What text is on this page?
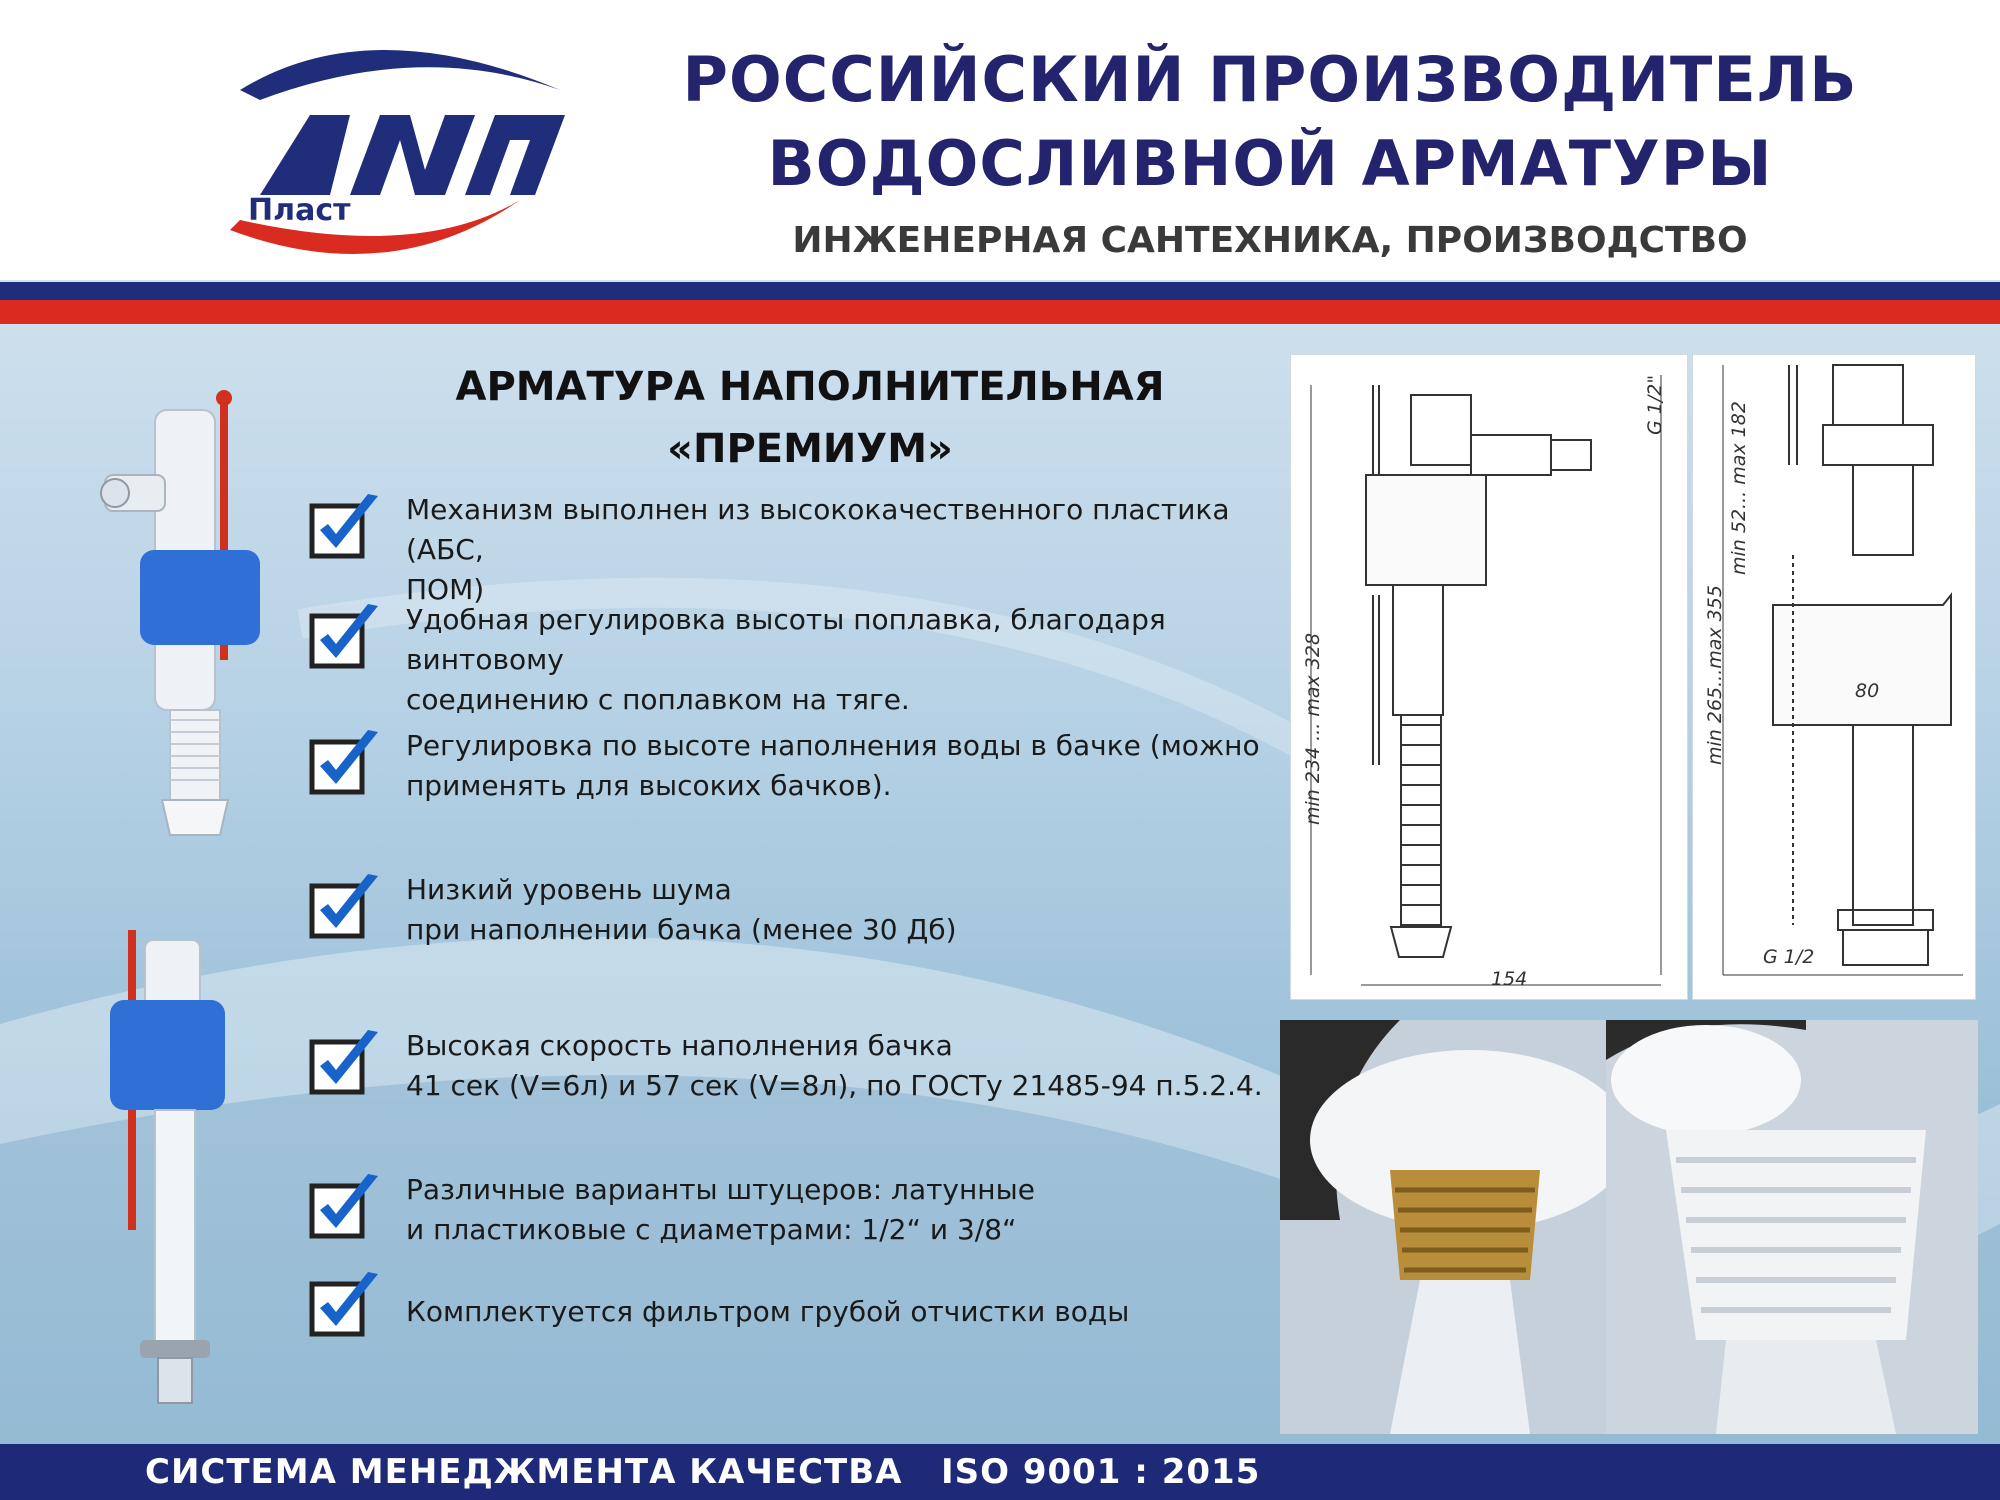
Пласт
РОССИЙСКИЙ ПРОИЗВОДИТЕЛЬ
ВОДОСЛИВНОЙ АРМАТУРЫ
ИНЖЕНЕРНАЯ САНТЕХНИКА, ПРОИЗВОДСТВО
АРМАТУРА НАПОЛНИТЕЛЬНАЯ
«ПРЕМИУМ»
Механизм выполнен из высококачественного пластика (АБС,
ПОМ)
Удобная регулировка высоты поплавка, благодаря винтовому
соединению с поплавком на тяге.
Регулировка по высоте наполнения воды в бачке (можно
применять для высоких бачков).
Низкий уровень шума
при наполнении бачка (менее 30 Дб)
Высокая скорость наполнения бачка
41 сек (V=6л) и 57 сек (V=8л), по ГОСТу 21485-94 п.5.2.4.
Различные варианты штуцеров: латунные
и пластиковые с диаметрами: 1/2“ и 3/8“
Комплектуется фильтром грубой отчистки воды
min 234 ... max 328
G 1/2"
154
min 52... max 182
min 265...max 355	80
G 1/2
СИСТЕМА МЕНЕДЖМЕНТА КАЧЕСТВА   ISO 9001 : 2015
